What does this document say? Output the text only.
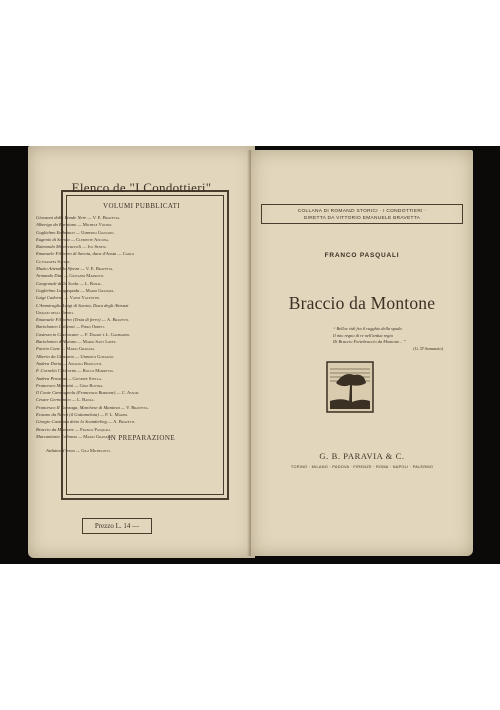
Elenco de "I Condottieri"
VOLUMI PUBBLICATI
Giovanni dalle Bande Nere — V. E. Bravetta.
Alberigo da Barbiano — Michele Vocino.
Guglielmo Embriaco — Umberto Gozzano.
Eugenio di Savoia — Clemente Ancona.
Raimondo Montecuccoli — Ivo Senesi.
Emanuele Filiberto di Savoia, duca d'Aosta — Carlo
Cuttaraffa Savoni.
Muzio Attendolo Sforza — V. E. Bravetta.
Armando Diaz — Giovanni Marrotti.
Cangrande della Scala — L. Banal.
Guglielmo Longaspada — Mario Granata.
Luigi Cadorna — Vanni Valentini.
L'Ammiraglio Luigi di Savoia, Duca degli Abruzzi
Ubaldo degli Uberti.
Emanuele Filiberto (Testa di ferro) — A. Bravetti.
Bartolomeo Colleoni — Piero Orbeti.
Castruccio Castracane — F. Davarí e L. Gambarini.
Bartolomeo d'Alviano — Mario Sant Lopez.
Facino Cane — Mario Granata.
Alberto da Giussano — Umberto Gozzano.
Andrea Doria — Angiolo Biancotti.
F. Cornelio l'Alicorno — Rocco Morretta.
Andrea Provana — Giuseppe Stella.
Francesco Morosini — Gino Rovida.
Il Conte Carmagnola (Francesco Bussone) — C. Assum.
Cesare Germanico — L. Banal.
Francesco II Gonzaga, Marchese di Mantova — V. Bravetta.
Erasmo da Narni (il Gattamelata) — P. L. Marini.
Giorgio Castriota detto lo Scanderbeg — A. Bravetti.
Braccio da Montone — Franco Pasquali.
Marcantonio Colonna — Mario Granata.
IN PREPARAZIONE
Arduino d'Ivrea — Gigi Michelotti.
Prezzo L. 14 —
COLLANA DI ROMANZI STORICI · I CONDOTTIERI ·
DIRETTA DA VITTORIO EMANUELE BRAVETTA
FRANCO PASQUALI
Braccio da Montone
“ Belloe vidi fra il rugghio della spada
Il mio regno di re nell'ardua regia
Di Braccio Fortebraccio da Montone... ”
(G. D'Annunzio)
G. B. PARAVIA & C.
TORINO · MILANO · PADOVA · FIRENZE · ROMA · NAPOLI · PALERMO
